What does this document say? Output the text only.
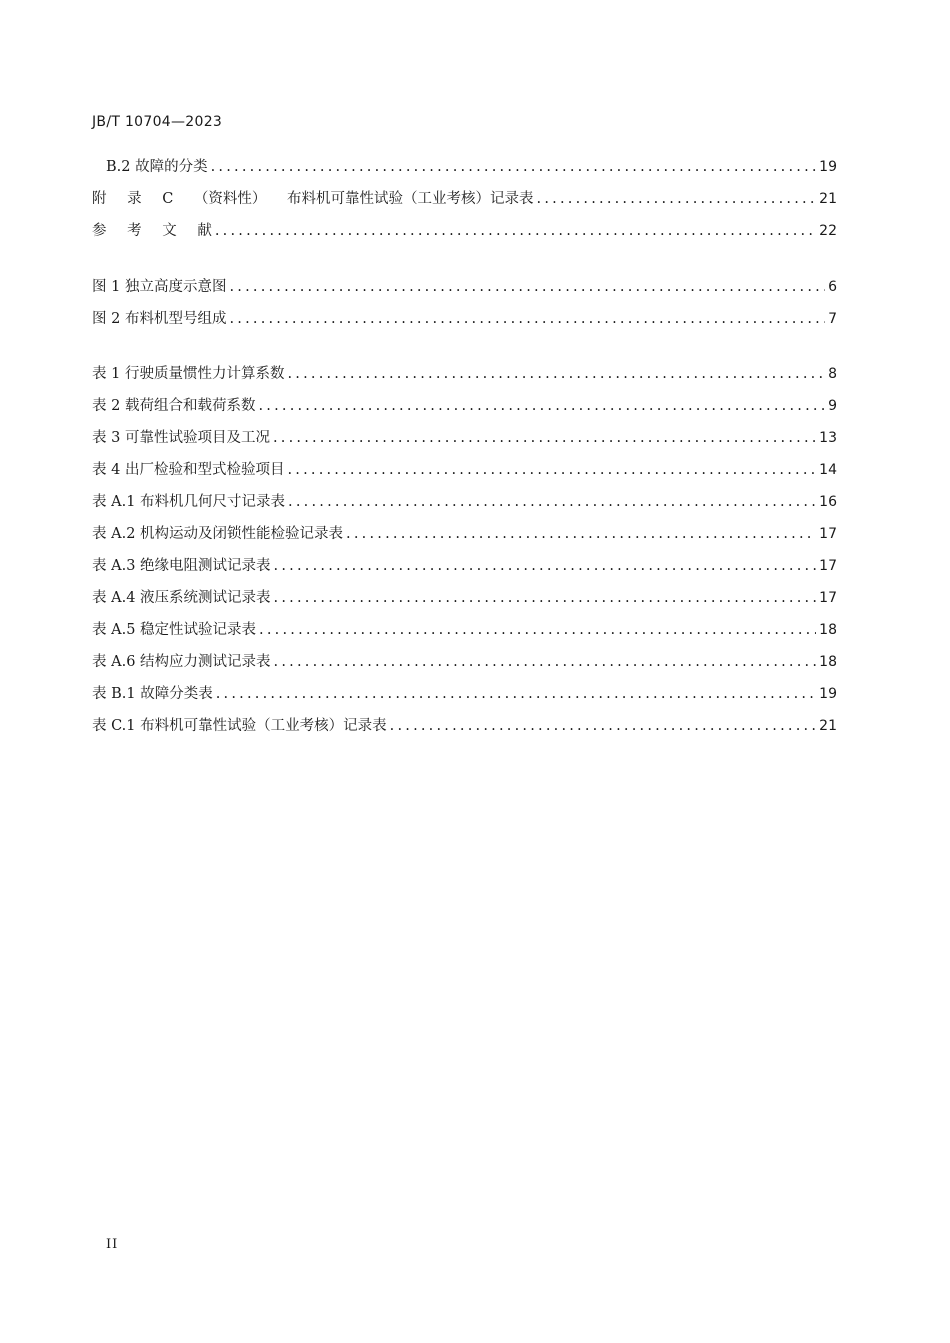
JB/T 10704—2023
B.2 故障的分类 .....	19
附 录 C （资料性） 布料机可靠性试验（工业考核）记录表 .....	21
参 考 文 献 .....	22
图 1 独立高度示意图 .....	6
图 2 布料机型号组成 .....	7
表 1 行驶质量惯性力计算系数 .....	8
表 2 载荷组合和载荷系数 .....	9
表 3 可靠性试验项目及工况 .....	13
表 4 出厂检验和型式检验项目 .....	14
表 A.1 布料机几何尺寸记录表 .....	16
表 A.2 机构运动及闭锁性能检验记录表 .....	17
表 A.3 绝缘电阻测试记录表 .....	17
表 A.4 液压系统测试记录表 .....	17
表 A.5 稳定性试验记录表 .....	18
表 A.6 结构应力测试记录表 .....	18
表 B.1 故障分类表 .....	19
表 C.1 布料机可靠性试验（工业考核）记录表 .....	21
II
